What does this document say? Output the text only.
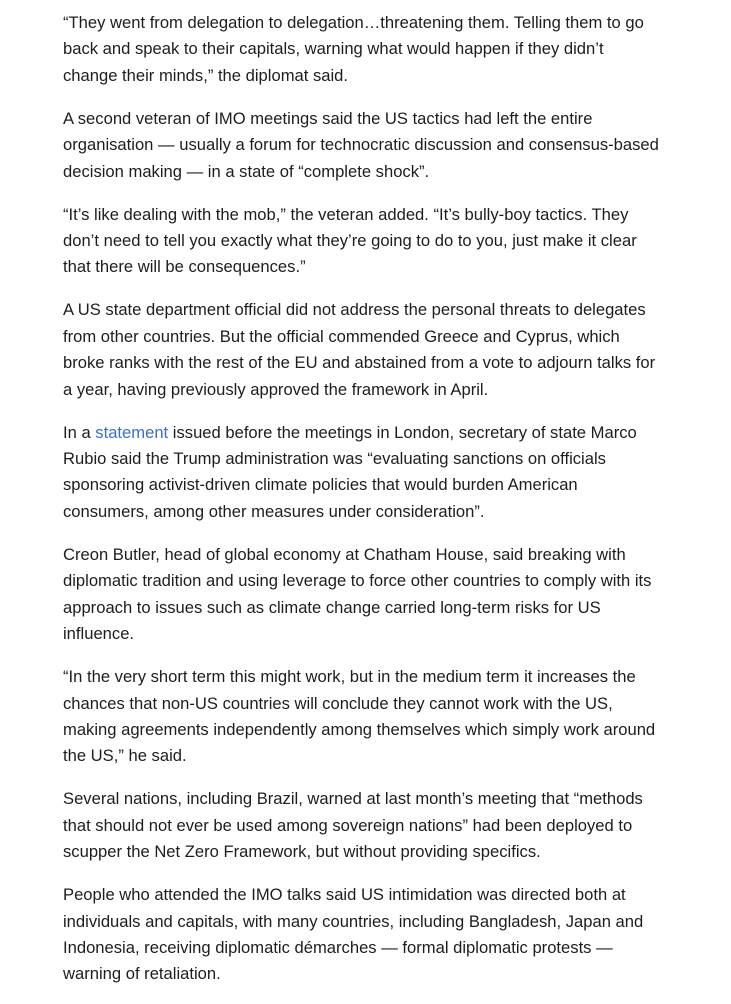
“They went from delegation to delegation…threatening them. Telling them to go
back and speak to their capitals, warning what would happen if they didn’t
change their minds,” the diplomat said.

A second veteran of IMO meetings said the US tactics had left the entire
organisation — usually a forum for technocratic discussion and consensus-based
decision making — in a state of “complete shock”.

“It’s like dealing with the mob,” the veteran added. “It’s bully-boy tactics. They
don’t need to tell you exactly what they’re going to do to you, just make it clear
that there will be consequences.”

A US state department official did not address the personal threats to delegates
from other countries. But the official commended Greece and Cyprus, which
broke ranks with the rest of the EU and abstained from a vote to adjourn talks for
a year, having previously approved the framework in April.

In a statement issued before the meetings in London, secretary of state Marco
Rubio said the Trump administration was “evaluating sanctions on officials
sponsoring activist-driven climate policies that would burden American
consumers, among other measures under consideration”.

Creon Butler, head of global economy at Chatham House, said breaking with
diplomatic tradition and using leverage to force other countries to comply with its
approach to issues such as climate change carried long-term risks for US
influence.

“In the very short term this might work, but in the medium term it increases the
chances that non-US countries will conclude they cannot work with the US,
making agreements independently among themselves which simply work around
the US,” he said.

Several nations, including Brazil, warned at last month’s meeting that “methods
that should not ever be used among sovereign nations” had been deployed to
scupper the Net Zero Framework, but without providing specifics.

People who attended the IMO talks said US intimidation was directed both at
individuals and capitals, with many countries, including Bangladesh, Japan and
Indonesia, receiving diplomatic démarches — formal diplomatic protests —
warning of retaliation.
